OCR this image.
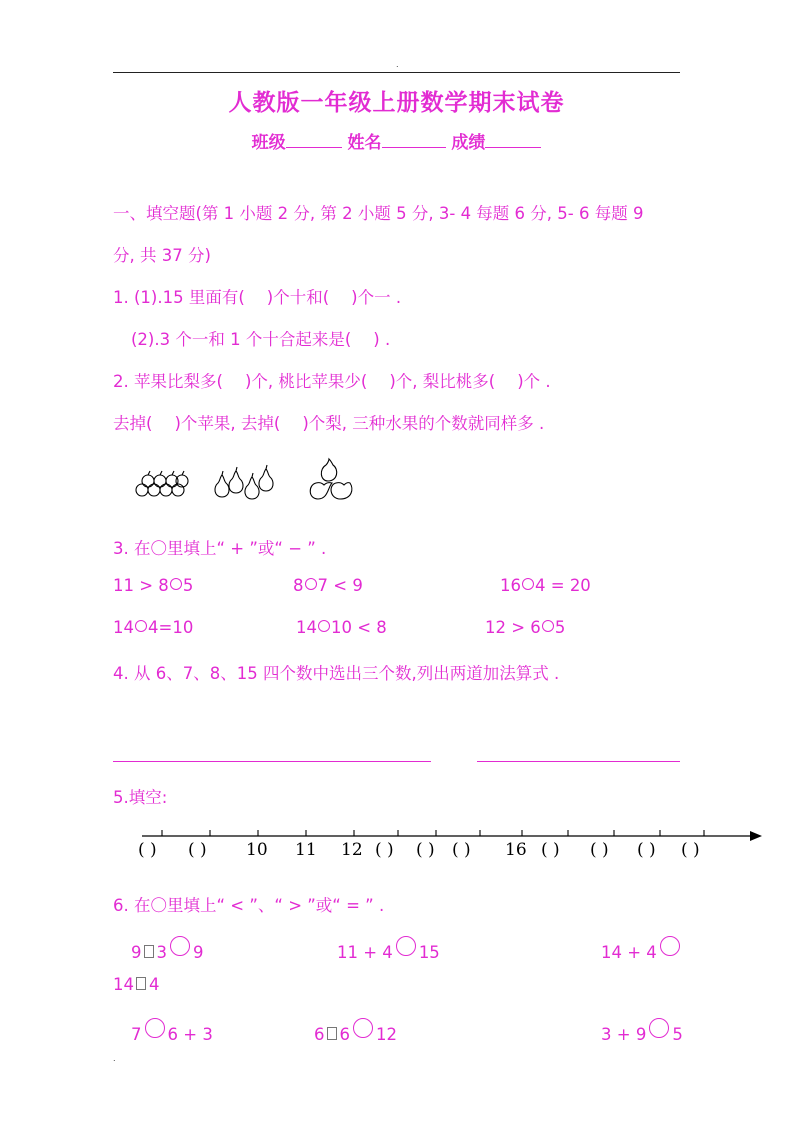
.
人教版一年级上册数学期末试卷
班级	姓名	成绩
一、填空题(第 1 小题 2 分, 第 2 小题 5 分, 3- 4 每题 6 分, 5- 6 每题 9
分, 共 37 分)
1. (1).15 里面有( )个十和( )个一 .
(2).3 个一和 1 个十合起来是( ) .
2. 苹果比梨多( )个, 桃比苹果少( )个, 梨比桃多( )个 .
去掉( )个苹果, 去掉( )个梨, 三种水果的个数就同样多 .
3. 在〇里填上“ + ”或“ − ” .
11 > 8 5	8 7 < 9	16 4 = 20
14 4=10	14 10 < 8	12 > 6 5
4. 从 6、7、8、15 四个数中选出三个数,列出两道加法算式 .
5.填空:
( ) ( ) 10 11 12 ( ) ( ) ( ) 16 ( ) ( ) ( ) ( )
6. 在〇里填上“ < ”、“ > ”或“ = ” .
9 3 9	11 + 4 15	14 + 4
14 4
7 6 + 3	6 6 12	3 + 9 5
.
